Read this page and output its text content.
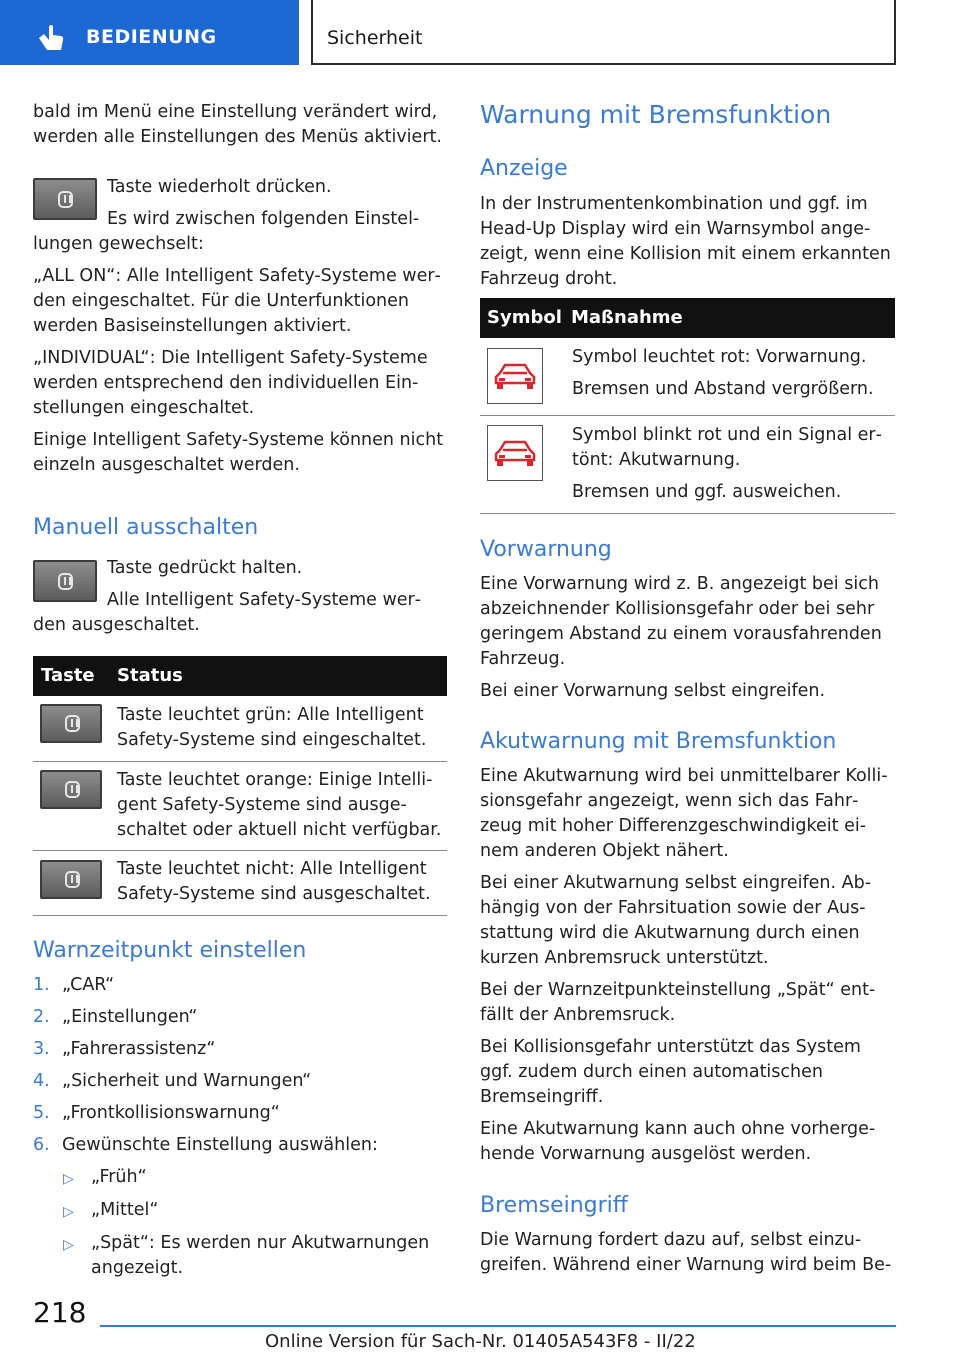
BEDIENUNG	Sicherheit
bald im Menü eine Einstellung verändert wird,
werden alle Einstellungen des Menüs aktiviert.
Taste wiederholt drücken.
Es wird zwischen folgenden Einstel‐
lungen gewechselt:
„ALL ON“: Alle Intelligent Safety-Systeme wer‐
den eingeschaltet. Für die Unterfunktionen
werden Basiseinstellungen aktiviert.
„INDIVIDUAL“: Die Intelligent Safety-Systeme
werden entsprechend den individuellen Ein‐
stellungen eingeschaltet.
Einige Intelligent Safety-Systeme können nicht
einzeln ausgeschaltet werden.
Manuell ausschalten
Taste gedrückt halten.
Alle Intelligent Safety-Systeme wer‐
den ausgeschaltet.
Taste Status
Taste leuchtet grün: Alle Intelligent
Safety-Systeme sind eingeschaltet.
Taste leuchtet orange: Einige Intelli‐
gent Safety-Systeme sind ausge‐
schaltet oder aktuell nicht verfügbar.
Taste leuchtet nicht: Alle Intelligent
Safety-Systeme sind ausgeschaltet.
Warnzeitpunkt einstellen
1. „CAR“
2. „Einstellungen“
3. „Fahrerassistenz“
4. „Sicherheit und Warnungen“
5. „Frontkollisionswarnung“
6. Gewünschte Einstellung auswählen:
▷ „Früh“
▷ „Mittel“
▷ „Spät“: Es werden nur Akutwarnungen
angezeigt.
Warnung mit Bremsfunktion
Anzeige
In der Instrumentenkombination und ggf. im
Head-Up Display wird ein Warnsymbol ange‐
zeigt, wenn eine Kollision mit einem erkannten
Fahrzeug droht.
Symbol Maßnahme
Symbol leuchtet rot: Vorwarnung.
Bremsen und Abstand vergrößern.
Symbol blinkt rot und ein Signal er‐
tönt: Akutwarnung.
Bremsen und ggf. ausweichen.
Vorwarnung
Eine Vorwarnung wird z. B. angezeigt bei sich
abzeichnender Kollisionsgefahr oder bei sehr
geringem Abstand zu einem vorausfahrenden
Fahrzeug.
Bei einer Vorwarnung selbst eingreifen.
Akutwarnung mit Bremsfunktion
Eine Akutwarnung wird bei unmittelbarer Kolli‐
sionsgefahr angezeigt, wenn sich das Fahr‐
zeug mit hoher Differenzgeschwindigkeit ei‐
nem anderen Objekt nähert.
Bei einer Akutwarnung selbst eingreifen. Ab‐
hängig von der Fahrsituation sowie der Aus‐
stattung wird die Akutwarnung durch einen
kurzen Anbremsruck unterstützt.
Bei der Warnzeitpunkteinstellung „Spät“ ent‐
fällt der Anbremsruck.
Bei Kollisionsgefahr unterstützt das System
ggf. zudem durch einen automatischen
Bremseingriff.
Eine Akutwarnung kann auch ohne vorherge‐
hende Vorwarnung ausgelöst werden.
Bremseingriff
Die Warnung fordert dazu auf, selbst einzu‐
greifen. Während einer Warnung wird beim Be‐
218
Online Version für Sach-Nr. 01405A543F8 - II/22
